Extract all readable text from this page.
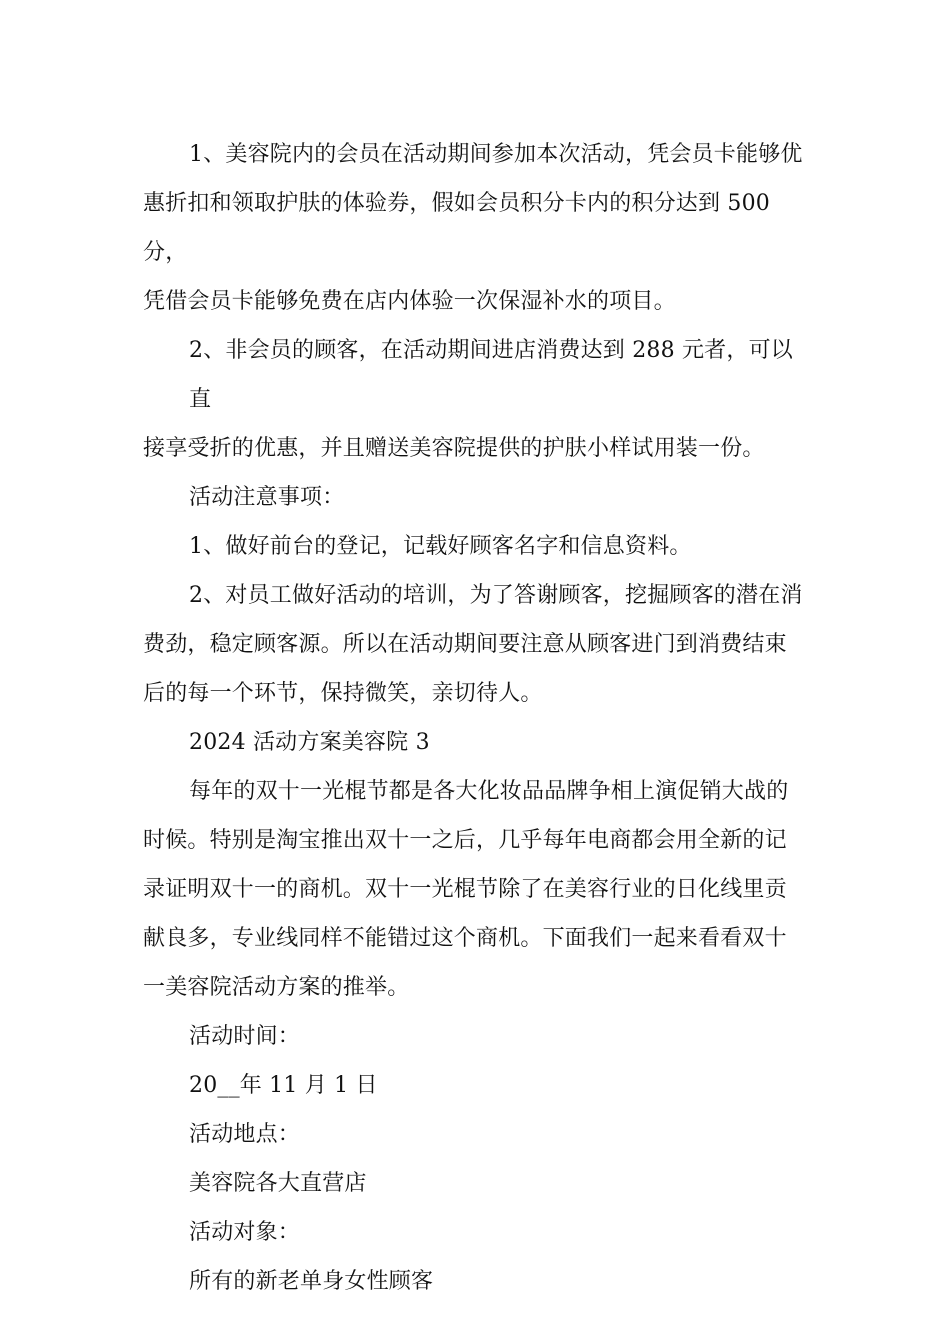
1、美容院内的会员在活动期间参加本次活动，凭会员卡能够优
惠折扣和领取护肤的体验券，假如会员积分卡内的积分达到 500 分，
凭借会员卡能够免费在店内体验一次保湿补水的项目。
2、非会员的顾客，在活动期间进店消费达到 288 元者，可以直
接享受折的优惠，并且赠送美容院提供的护肤小样试用装一份。
活动注意事项：
1、做好前台的登记，记载好顾客名字和信息资料。
2、对员工做好活动的培训，为了答谢顾客，挖掘顾客的潜在消
费劲，稳定顾客源。所以在活动期间要注意从顾客进门到消费结束
后的每一个环节，保持微笑，亲切待人。
2024 活动方案美容院 3
每年的双十一光棍节都是各大化妆品品牌争相上演促销大战的
时候。特别是淘宝推出双十一之后，几乎每年电商都会用全新的记
录证明双十一的商机。双十一光棍节除了在美容行业的日化线里贡
献良多，专业线同样不能错过这个商机。下面我们一起来看看双十
一美容院活动方案的推举。
活动时间：
20__年 11 月 1 日
活动地点：
美容院各大直营店
活动对象：
所有的新老单身女性顾客
